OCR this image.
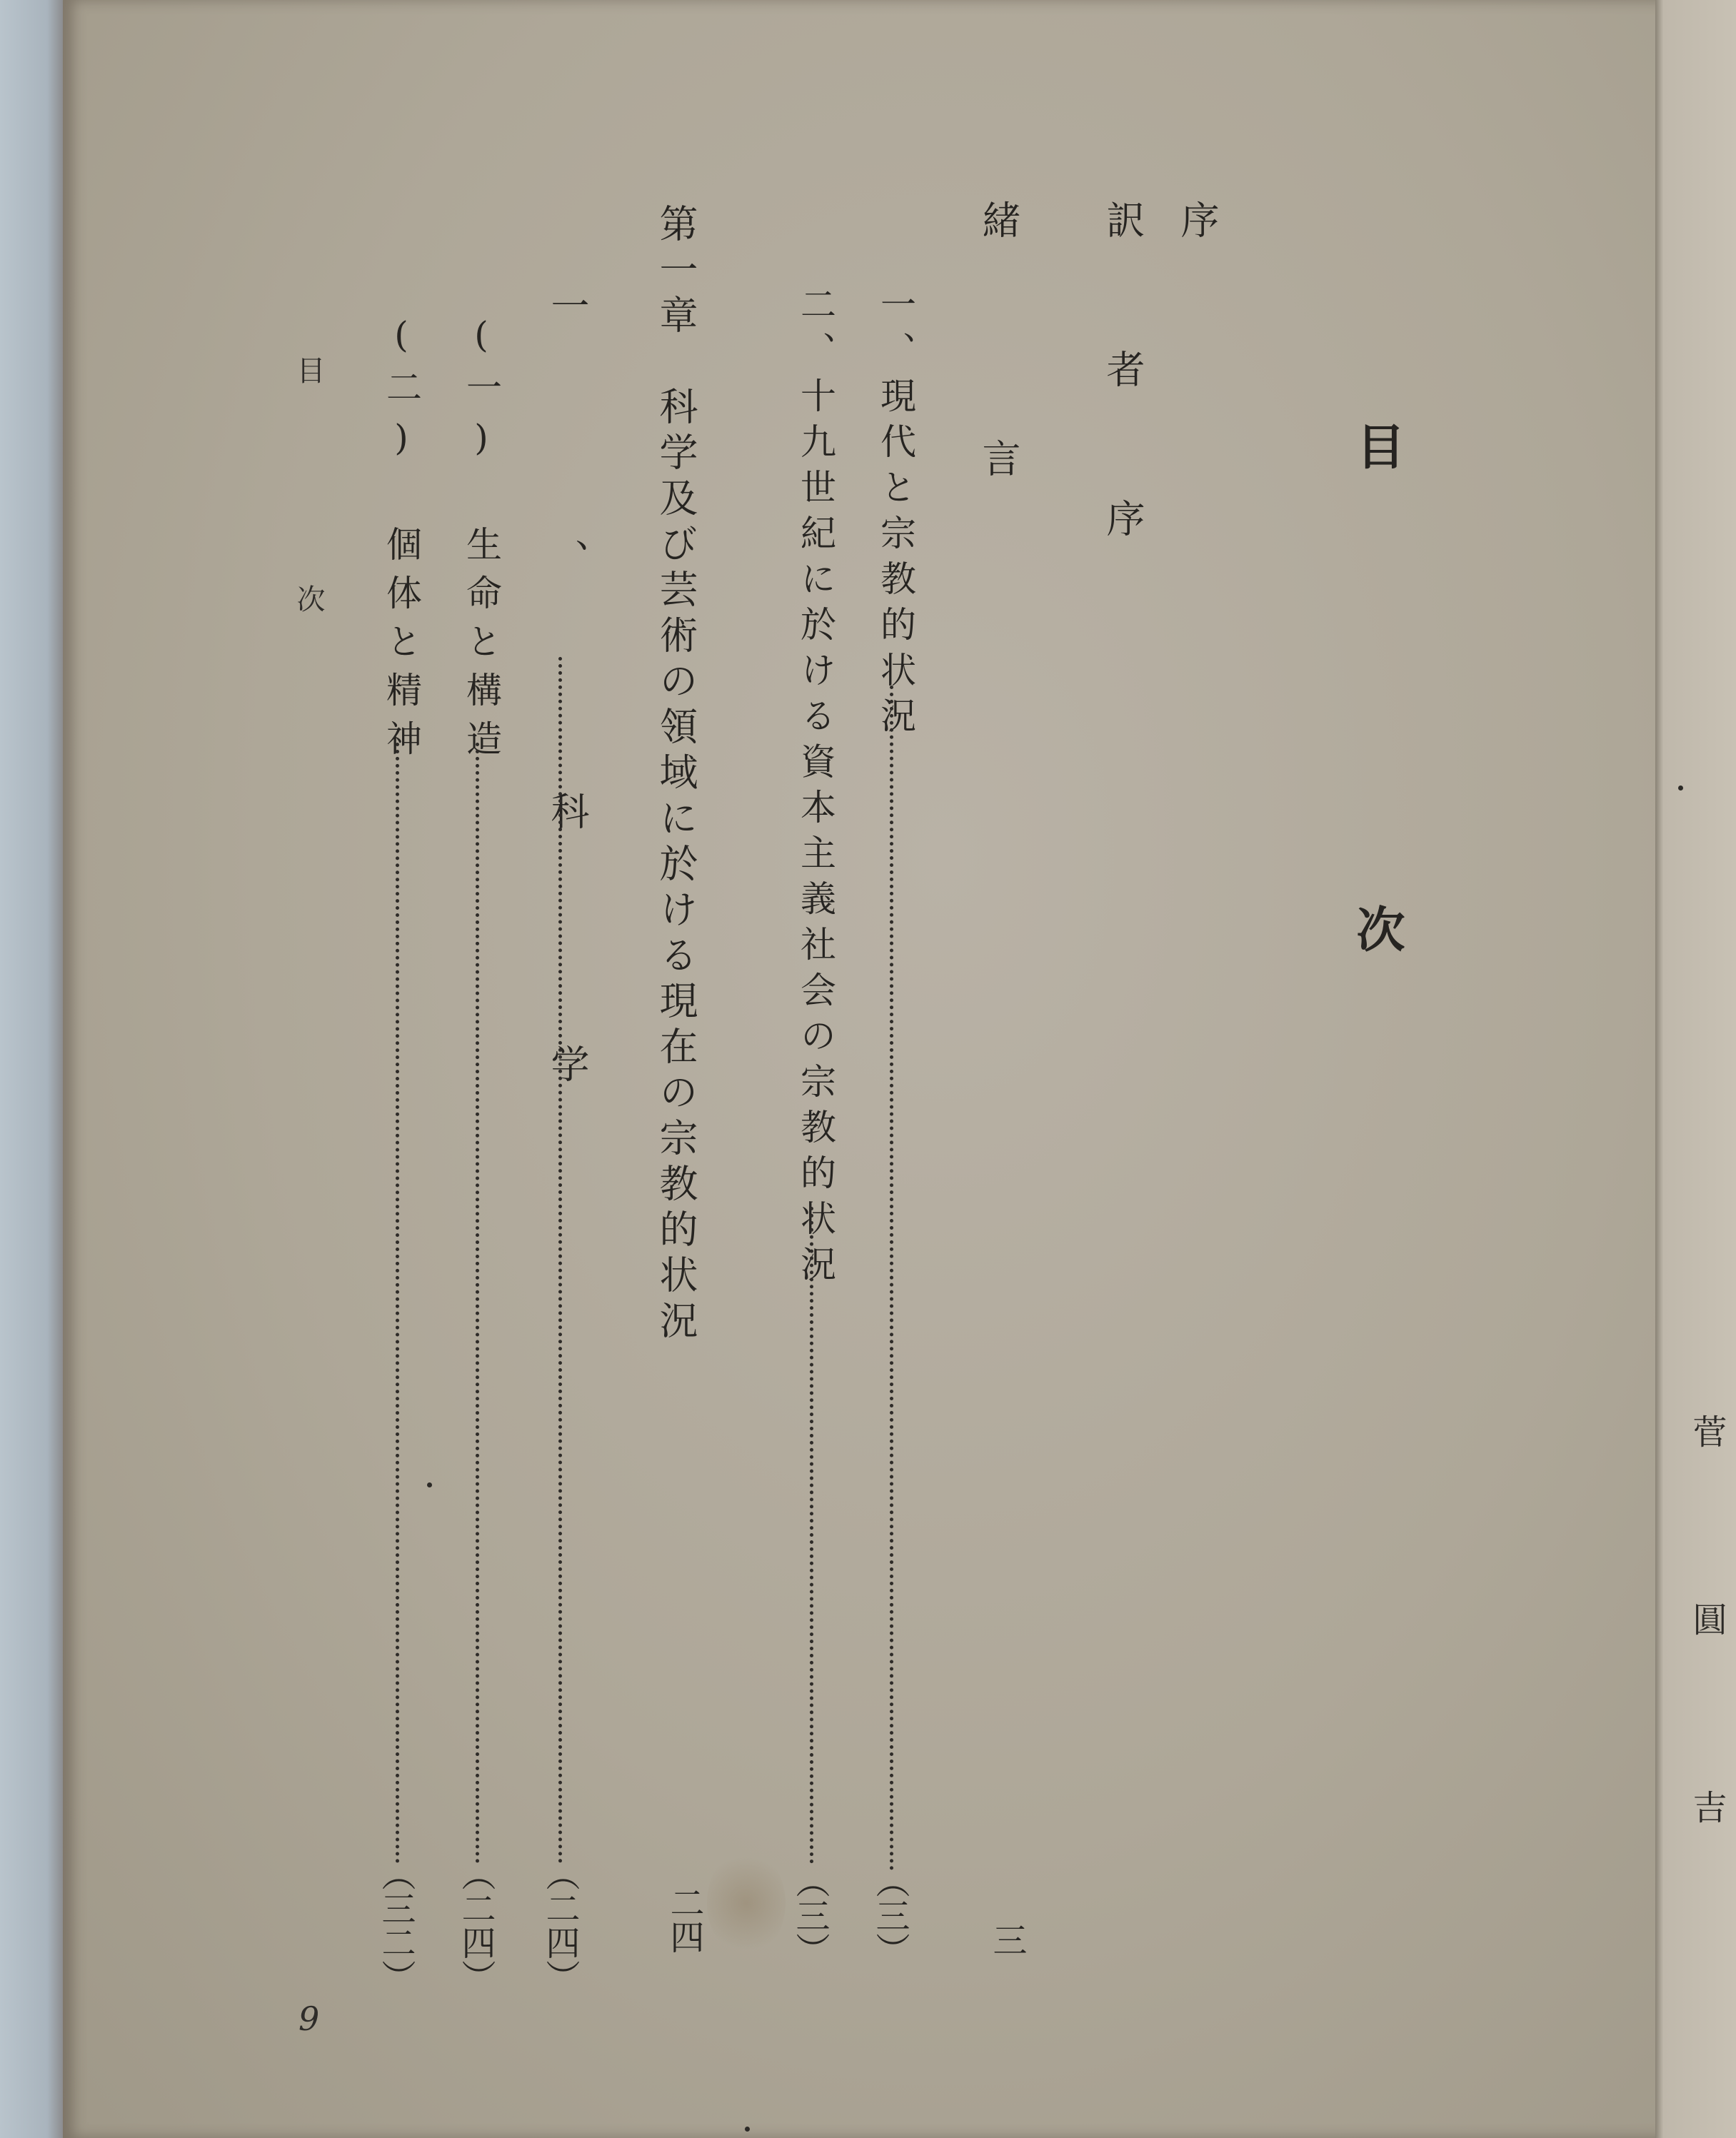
目　次
序
訳者序
緒言
三
一、現代と宗教的状況
（三）
二、十九世紀に於ける資本主義社会の宗教的状況
（三）
第一章　科学及び芸術の領域に於ける現在の宗教的状況
二四
一、科学
（二四）
(一) 生命と構造
（二四）
(二) 個体と精神
（三二）
目次
9
菅圓吉
